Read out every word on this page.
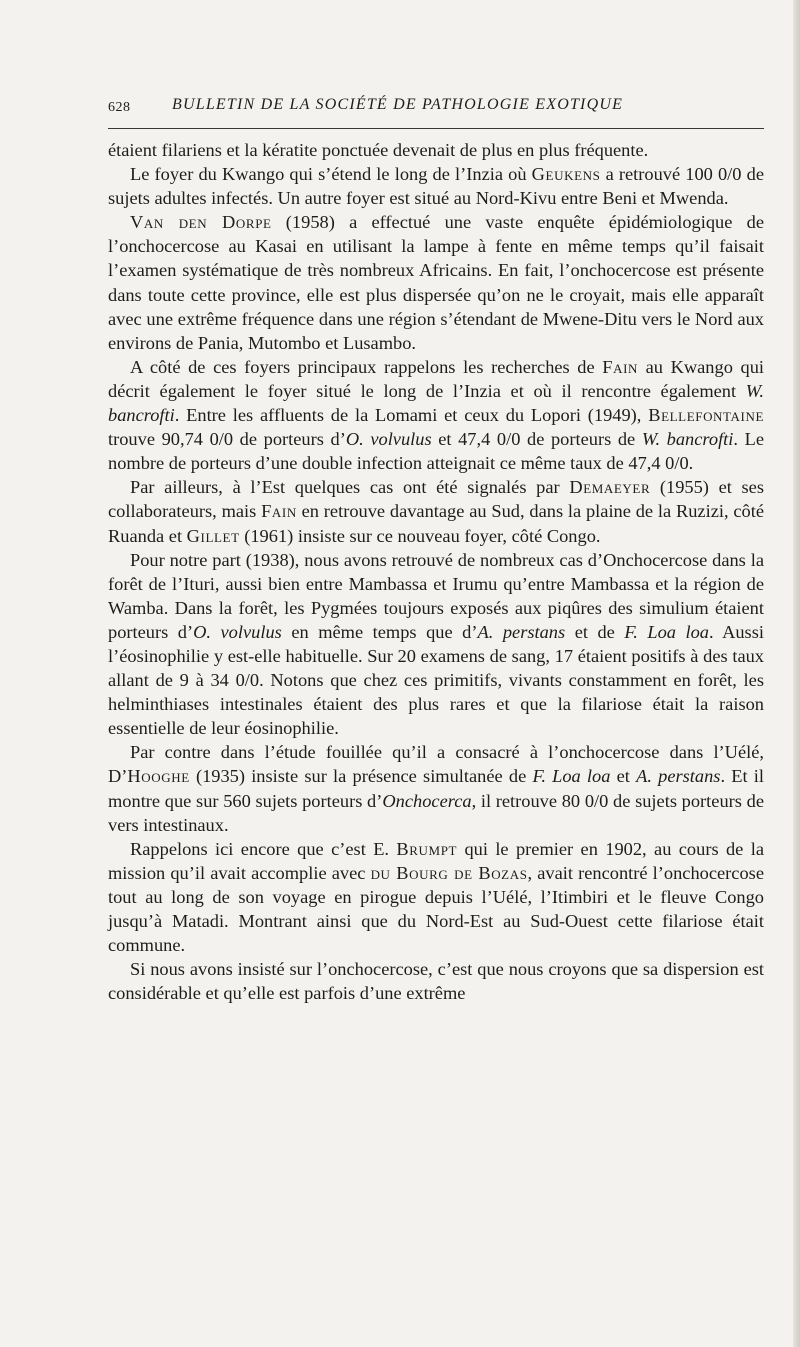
628	BULLETIN DE LA SOCIÉTÉ DE PATHOLOGIE EXOTIQUE

étaient filariens et la kératite ponctuée devenait de plus en plus fréquente.

Le foyer du Kwango qui s’étend le long de l’Inzia où Geukens a retrouvé 100 0/0 de sujets adultes infectés. Un autre foyer est situé au Nord-Kivu entre Beni et Mwenda.

Van den Dorpe (1958) a effectué une vaste enquête épidémiologique de l’onchocercose au Kasai en utilisant la lampe à fente en même temps qu’il faisait l’examen systématique de très nombreux Africains. En fait, l’onchocercose est présente dans toute cette province, elle est plus dispersée qu’on ne le croyait, mais elle apparaît avec une extrême fréquence dans une région s’étendant de Mwene-Ditu vers le Nord aux environs de Pania, Mutombo et Lusambo.

A côté de ces foyers principaux rappelons les recherches de Fain au Kwango qui décrit également le foyer situé le long de l’Inzia et où il rencontre également W. bancrofti. Entre les affluents de la Lomami et ceux du Lopori (1949), Bellefontaine trouve 90,74 0/0 de porteurs d’O. volvulus et 47,4 0/0 de porteurs de W. bancrofti. Le nombre de porteurs d’une double infection atteignait ce même taux de 47,4 0/0.

Par ailleurs, à l’Est quelques cas ont été signalés par Demaeyer (1955) et ses collaborateurs, mais Fain en retrouve davantage au Sud, dans la plaine de la Ruzizi, côté Ruanda et Gillet (1961) insiste sur ce nouveau foyer, côté Congo.

Pour notre part (1938), nous avons retrouvé de nombreux cas d’Onchocercose dans la forêt de l’Ituri, aussi bien entre Mambassa et Irumu qu’entre Mambassa et la région de Wamba. Dans la forêt, les Pygmées toujours exposés aux piqûres des simulium étaient porteurs d’O. volvulus en même temps que d’A. perstans et de F. Loa loa. Aussi l’éosinophilie y est-elle habituelle. Sur 20 examens de sang, 17 étaient positifs à des taux allant de 9 à 34 0/0. Notons que chez ces primitifs, vivants constamment en forêt, les helminthiases intestinales étaient des plus rares et que la filariose était la raison essentielle de leur éosinophilie.

Par contre dans l’étude fouillée qu’il a consacré à l’onchocercose dans l’Uélé, D’Hooghe (1935) insiste sur la présence simultanée de F. Loa loa et A. perstans. Et il montre que sur 560 sujets porteurs d’Onchocerca, il retrouve 80 0/0 de sujets porteurs de vers intestinaux.

Rappelons ici encore que c’est E. Brumpt qui le premier en 1902, au cours de la mission qu’il avait accomplie avec du Bourg de Bozas, avait rencontré l’onchocercose tout au long de son voyage en pirogue depuis l’Uélé, l’Itimbiri et le fleuve Congo jusqu’à Matadi. Montrant ainsi que du Nord-Est au Sud-Ouest cette filariose était commune.

Si nous avons insisté sur l’onchocercose, c’est que nous croyons que sa dispersion est considérable et qu’elle est parfois d’une extrême
